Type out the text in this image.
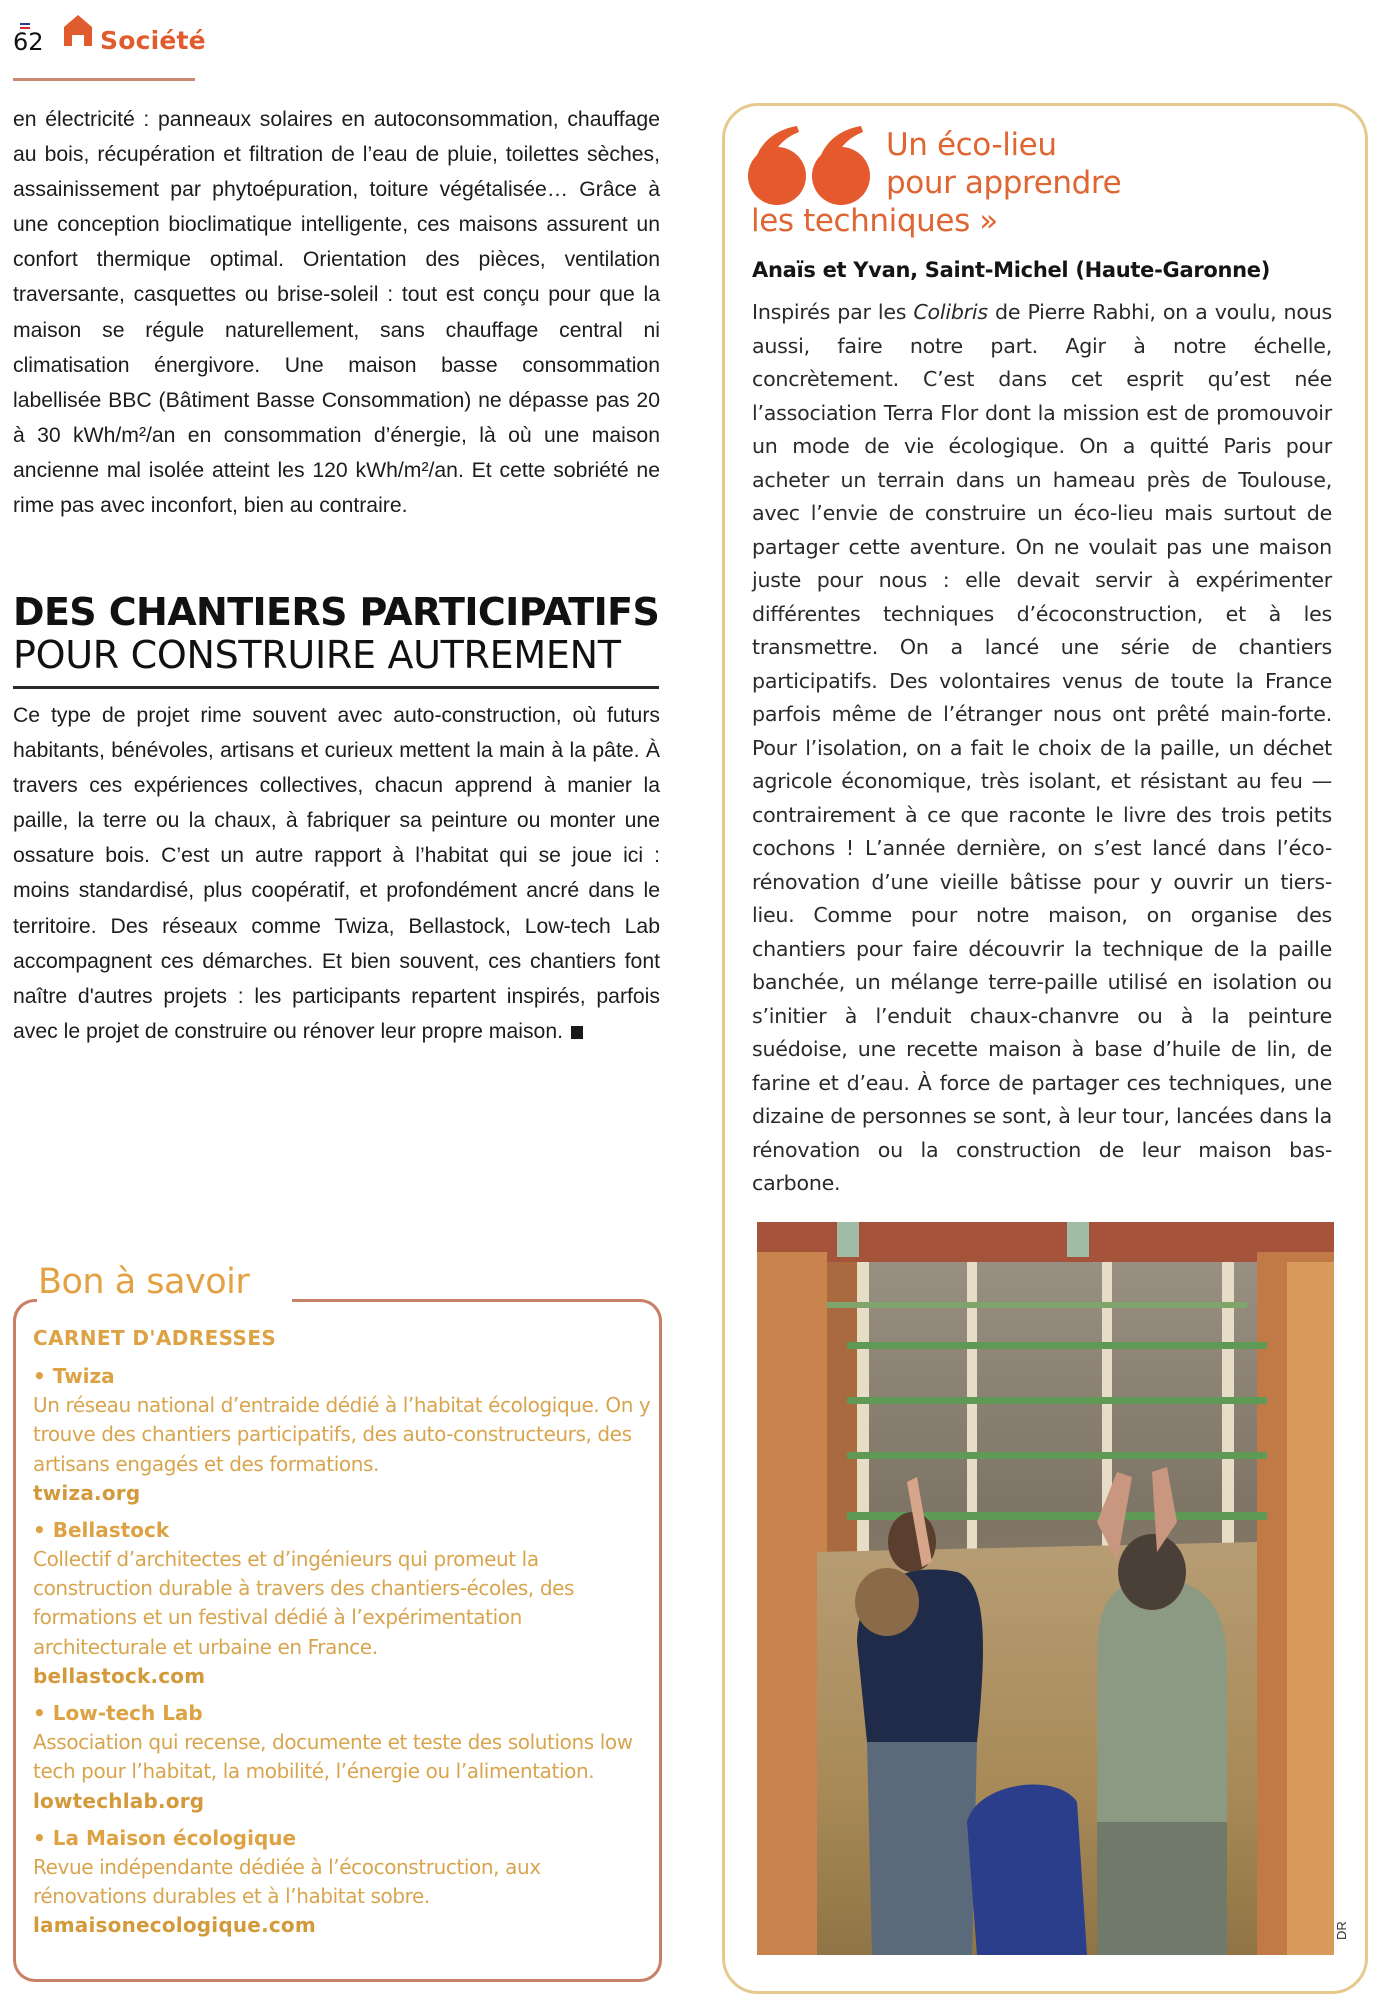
62 Société

en électricité : panneaux solaires en autoconsommation, chauffage au bois, récupération et filtration de l’eau de pluie, toilettes sèches, assainissement par phytoépuration, toiture végétalisée… Grâce à une conception bioclimatique intelligente, ces maisons assurent un confort thermique optimal. Orientation des pièces, ventilation traversante, casquettes ou brise-soleil : tout est conçu pour que la maison se régule naturellement, sans chauffage central ni climatisation énergivore. Une maison basse consommation labellisée BBC (Bâtiment Basse Consommation) ne dépasse pas 20 à 30 kWh/m²/an en consommation d’énergie, là où une maison ancienne mal isolée atteint les 120 kWh/m²/an. Et cette sobriété ne rime pas avec inconfort, bien au contraire.

DES CHANTIERS PARTICIPATIFS
POUR CONSTRUIRE AUTREMENT

Ce type de projet rime souvent avec auto-construction, où futurs habitants, bénévoles, artisans et curieux mettent la main à la pâte. À travers ces expériences collectives, chacun apprend à manier la paille, la terre ou la chaux, à fabriquer sa peinture ou monter une ossature bois. C’est un autre rapport à l’habitat qui se joue ici : moins standardisé, plus coopératif, et profondément ancré dans le territoire. Des réseaux comme Twiza, Bellastock, Low-tech Lab accompagnent ces démarches. Et bien souvent, ces chantiers font naître d'autres projets : les participants repartent inspirés, parfois avec le projet de construire ou rénover leur propre maison.

Bon à savoir
CARNET D'ADRESSES
• Twiza
Un réseau national d’entraide dédié à l’habitat écologique. On y trouve des chantiers participatifs, des auto-constructeurs, des artisans engagés et des formations.
twiza.org
• Bellastock
Collectif d’architectes et d’ingénieurs qui promeut la construction durable à travers des chantiers-écoles, des formations et un festival dédié à l’expérimentation architecturale et urbaine en France.
bellastock.com
• Low-tech Lab
Association qui recense, documente et teste des solutions low tech pour l’habitat, la mobilité, l’énergie ou l’alimentation.
lowtechlab.org
• La Maison écologique
Revue indépendante dédiée à l’écoconstruction, aux rénovations durables et à l’habitat sobre.
lamaisonecologique.com
Un éco-lieu
pour apprendre
les techniques »
Anaïs et Yvan, Saint-Michel (Haute-Garonne)

Inspirés par les Colibris de Pierre Rabhi, on a voulu, nous aussi, faire notre part. Agir à notre échelle, concrètement. C’est dans cet esprit qu’est née l’association Terra Flor dont la mission est de promouvoir un mode de vie écologique. On a quitté Paris pour acheter un terrain dans un hameau près de Toulouse, avec l’envie de construire un éco-lieu mais surtout de partager cette aventure. On ne voulait pas une maison juste pour nous : elle devait servir à expérimenter différentes techniques d’écoconstruction, et à les transmettre. On a lancé une série de chantiers participatifs. Des volontaires venus de toute la France parfois même de l’étranger nous ont prêté main-forte. Pour l’isolation, on a fait le choix de la paille, un déchet agricole économique, très isolant, et résistant au feu — contrairement à ce que raconte le livre des trois petits cochons ! L’année dernière, on s’est lancé dans l’éco-rénovation d’une vieille bâtisse pour y ouvrir un tiers-lieu. Comme pour notre maison, on organise des chantiers pour faire découvrir la technique de la paille banchée, un mélange terre-paille utilisé en isolation ou s’initier à l’enduit chaux-chanvre ou à la peinture suédoise, une recette maison à base d’huile de lin, de farine et d’eau. À force de partager ces techniques, une dizaine de personnes se sont, à leur tour, lancées dans la rénovation ou la construction de leur maison bas-carbone.

DR
